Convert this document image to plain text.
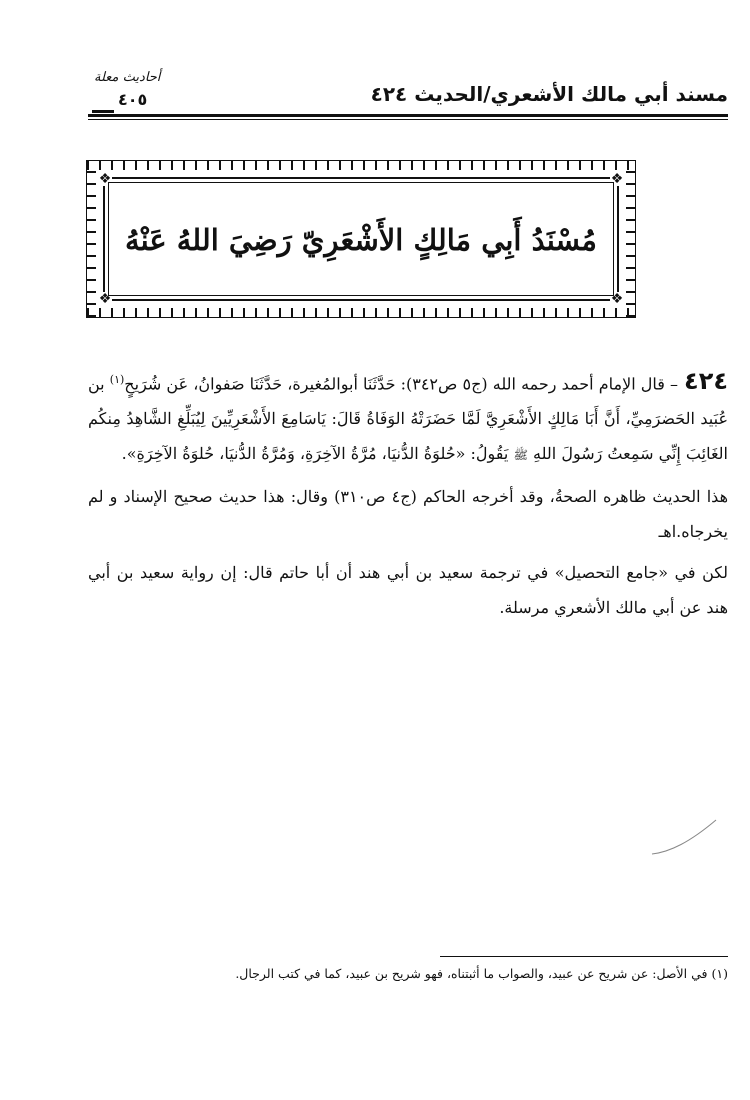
أحاديث معلة
٤٠٥	مسند أبي مالك الأشعري/الحديث ٤٢٤
❖	❖
❖	❖
مُسْنَدُ أَبِي مَالِكٍ الأَشْعَرِيّ رَضِيَ اللهُ عَنْهُ

٤٢٤– قال الإمام أحمد رحمه الله (ج٥ ص٣٤٢): حَدَّثَنَا أبوالمُغيرة، حَدَّثَنَا صَفوانُ، عَن شُرَيحٍ$^{(١)}$ بن عُبَيد الحَضرَمِيِّ، أَنَّ أَبَا مَالِكٍ الأَشْعَرِيَّ لَمَّا حَضَرَتْهُ الوَفَاةُ قَالَ: يَاسَامِعَ الأَشْعَرِيِّينَ لِيُبَلِّغِ الشَّاهِدُ مِنكُم الغَائِبَ إِنِّي سَمِعتُ رَسُولَ اللهِ ﷺ يَقُولُ: «حُلوَةُ الدُّنيَا، مُرَّةُ الآخِرَةِ، وَمُرَّةُ الدُّنيَا، حُلوَةُ الآخِرَةِ».

هذا الحديث ظاهره الصحةُ، وقد أخرجه الحاكم (ج٤ ص٣١٠) وقال: هذا حديث صحيح الإسناد و لم يخرجاه.اهـ

لكن في «جامع التحصيل» في ترجمة سعيد بن أبي هند أن أبا حاتم قال: إن رواية سعيد بن أبي هند عن أبي مالك الأشعري مرسلة.

(١) في الأصل: عن شريح عن عبيد، والصواب ما أثبتناه، فهو شريح بن عبيد، كما في كتب الرجال.
